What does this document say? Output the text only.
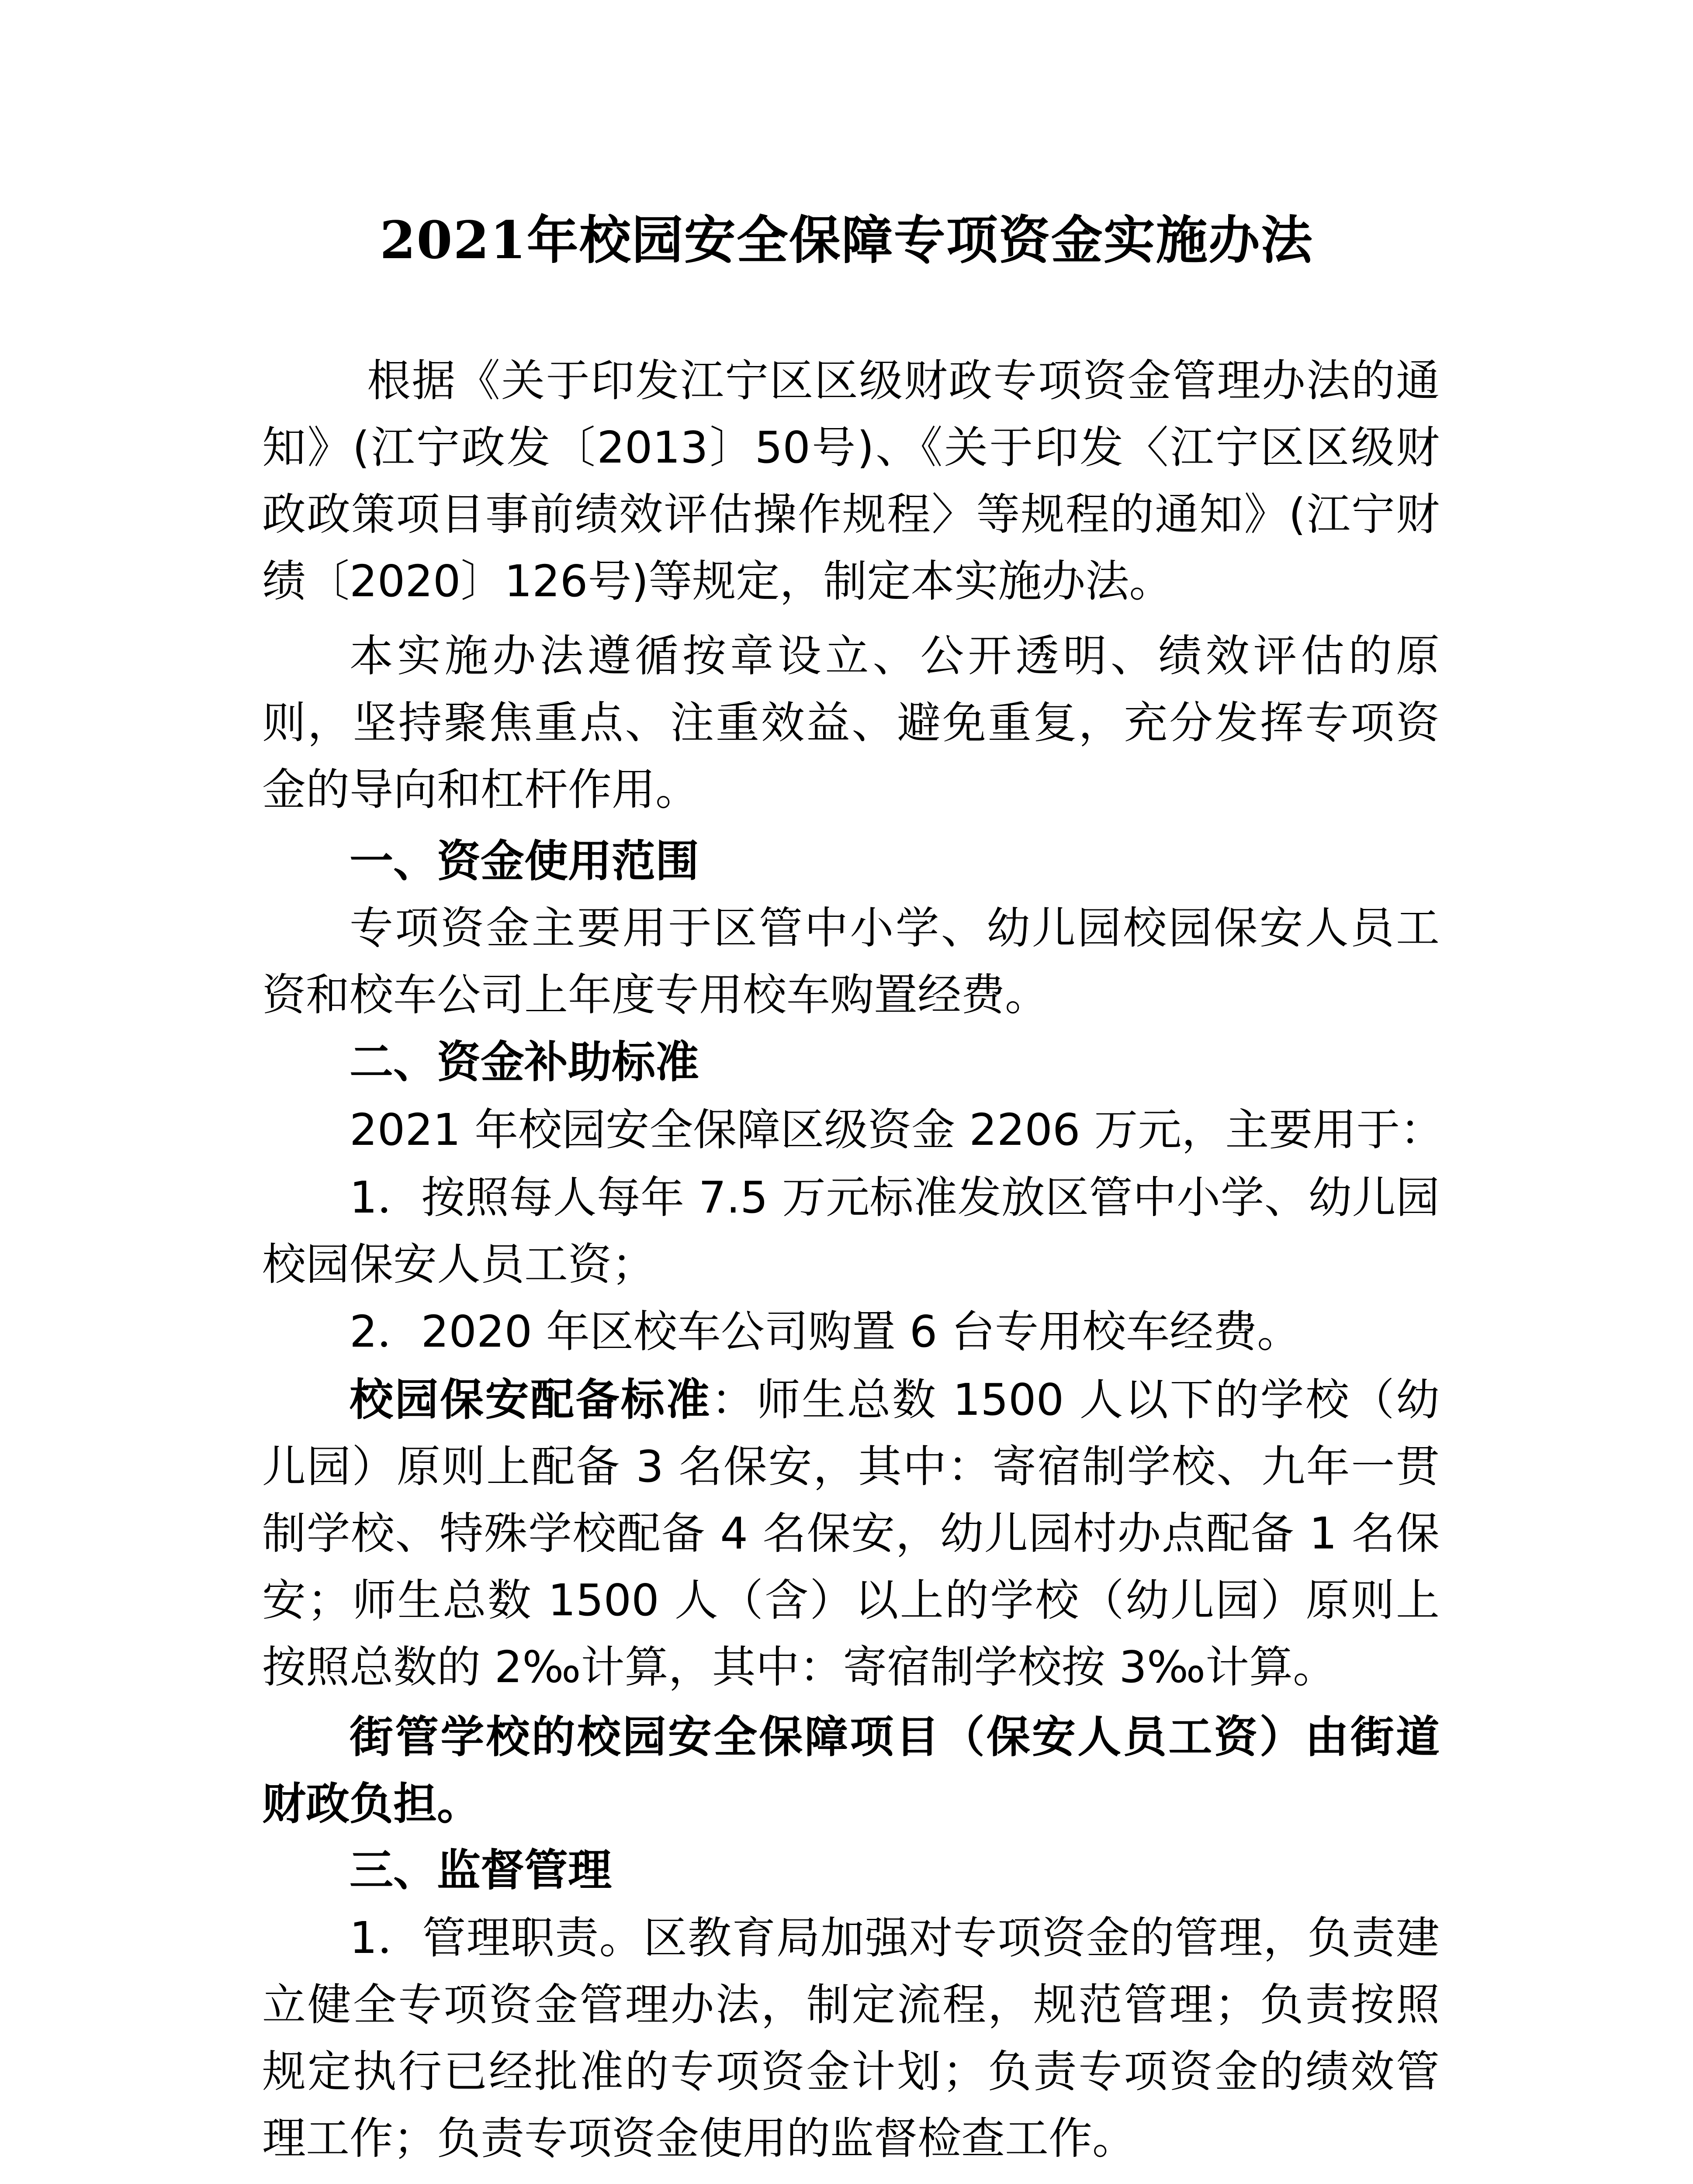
2021年校园安全保障专项资金实施办法
根据《关于印发江宁区区级财政专项资金管理办法的通知》(江宁政发〔2013〕50号)、《关于印发〈江宁区区级财政政策项目事前绩效评估操作规程〉等规程的通知》(江宁财绩〔2020〕126号)等规定，制定本实施办法。
本实施办法遵循按章设立、公开透明、绩效评估的原则，坚持聚焦重点、注重效益、避免重复，充分发挥专项资金的导向和杠杆作用。
一、资金使用范围
专项资金主要用于区管中小学、幼儿园校园保安人员工资和校车公司上年度专用校车购置经费。
二、资金补助标准
2021 年校园安全保障区级资金 2206 万元，主要用于：
1．按照每人每年 7.5 万元标准发放区管中小学、幼儿园校园保安人员工资；
2．2020 年区校车公司购置 6 台专用校车经费。
校园保安配备标准：师生总数 1500 人以下的学校（幼儿园）原则上配备 3 名保安，其中：寄宿制学校、九年一贯制学校、特殊学校配备 4 名保安，幼儿园村办点配备 1 名保安；师生总数 1500 人（含）以上的学校（幼儿园）原则上按照总数的 2‰计算，其中：寄宿制学校按 3‰计算。
街管学校的校园安全保障项目（保安人员工资）由街道财政负担。
三、监督管理
1．管理职责。区教育局加强对专项资金的管理，负责建立健全专项资金管理办法，制定流程，规范管理；负责按照规定执行已经批准的专项资金计划；负责专项资金的绩效管理工作；负责专项资金使用的监督检查工作。
